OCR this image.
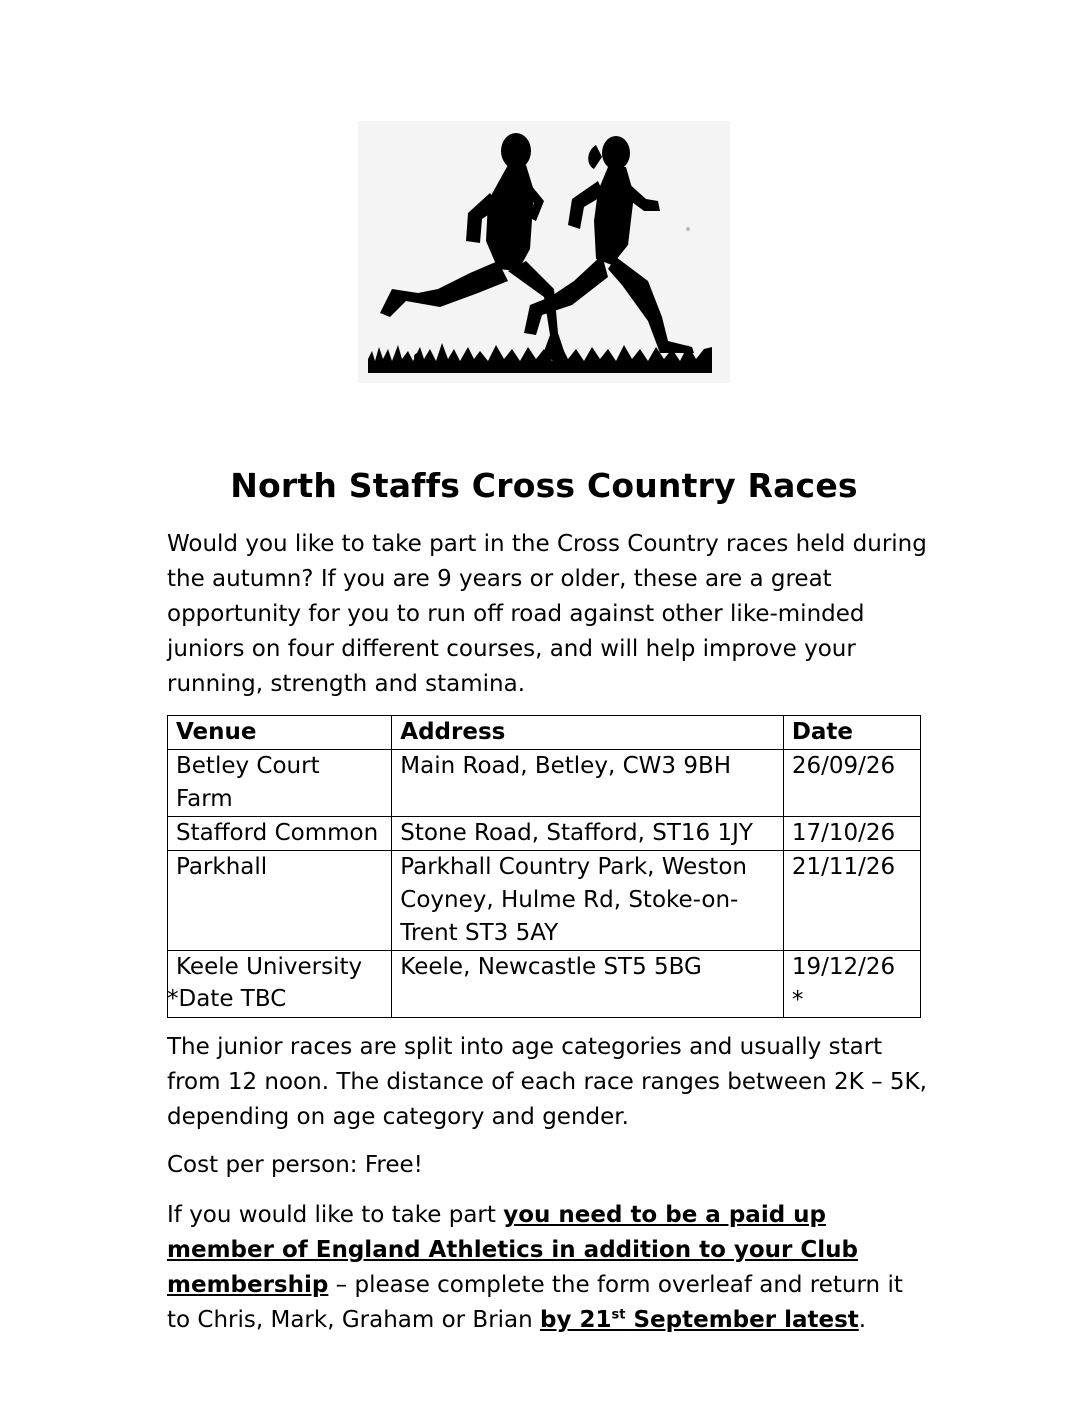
North Staffs Cross Country Races
Would you like to take part in the Cross Country races held during the autumn? If you are 9 years or older, these are a great opportunity for you to run off road against other like-minded juniors on four different courses, and will help improve your running, strength and stamina.
Venue	Address	Date
Betley Court Farm	Main Road, Betley, CW3 9BH	26/09/26
Stafford Common	Stone Road, Stafford, ST16 1JY	17/10/26
Parkhall	Parkhall Country Park, Weston Coyney, Hulme Rd, Stoke-on-Trent ST3 5AY	21/11/26
Keele University	Keele, Newcastle ST5 5BG	19/12/26 *
*Date TBC
The junior races are split into age categories and usually start from 12 noon. The distance of each race ranges between 2K – 5K, depending on age category and gender.
Cost per person: Free!
If you would like to take part you need to be a paid up member of England Athletics in addition to your Club membership – please complete the form overleaf and return it to Chris, Mark, Graham or Brian by 21st September latest.
